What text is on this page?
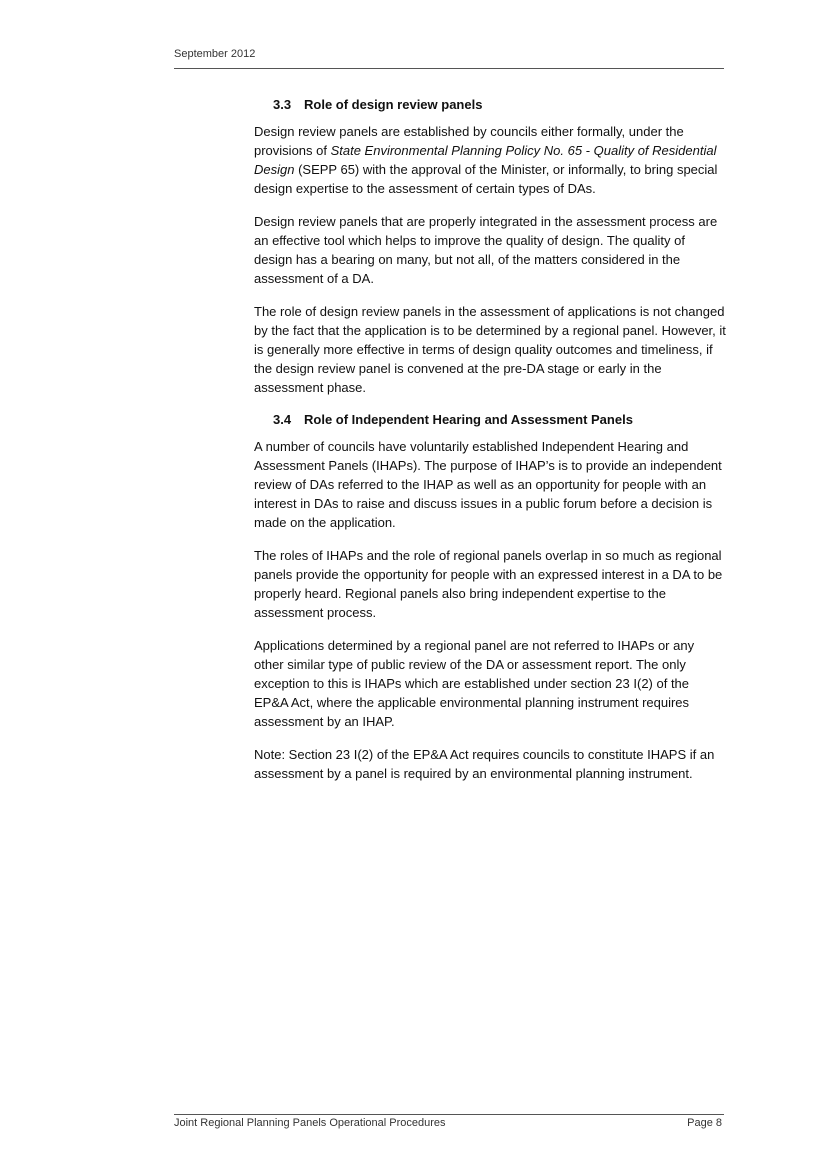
September 2012
3.3 Role of design review panels

Design review panels are established by councils either formally, under the provisions of State Environmental Planning Policy No. 65 - Quality of Residential Design (SEPP 65) with the approval of the Minister, or informally, to bring special design expertise to the assessment of certain types of DAs.

Design review panels that are properly integrated in the assessment process are an effective tool which helps to improve the quality of design. The quality of design has a bearing on many, but not all, of the matters considered in the assessment of a DA.

The role of design review panels in the assessment of applications is not changed by the fact that the application is to be determined by a regional panel. However, it is generally more effective in terms of design quality outcomes and timeliness, if the design review panel is convened at the pre-DA stage or early in the assessment phase.

3.4 Role of Independent Hearing and Assessment Panels

A number of councils have voluntarily established Independent Hearing and Assessment Panels (IHAPs). The purpose of IHAP’s is to provide an independent review of DAs referred to the IHAP as well as an opportunity for people with an interest in DAs to raise and discuss issues in a public forum before a decision is made on the application.

The roles of IHAPs and the role of regional panels overlap in so much as regional panels provide the opportunity for people with an expressed interest in a DA to be properly heard. Regional panels also bring independent expertise to the assessment process.

Applications determined by a regional panel are not referred to IHAPs or any other similar type of public review of the DA or assessment report. The only exception to this is IHAPs which are established under section 23 I(2) of the EP&A Act, where the applicable environmental planning instrument requires assessment by an IHAP.

Note: Section 23 I(2) of the EP&A Act requires councils to constitute IHAPS if an assessment by a panel is required by an environmental planning instrument.

Joint Regional Planning Panels Operational Procedures	Page 8
